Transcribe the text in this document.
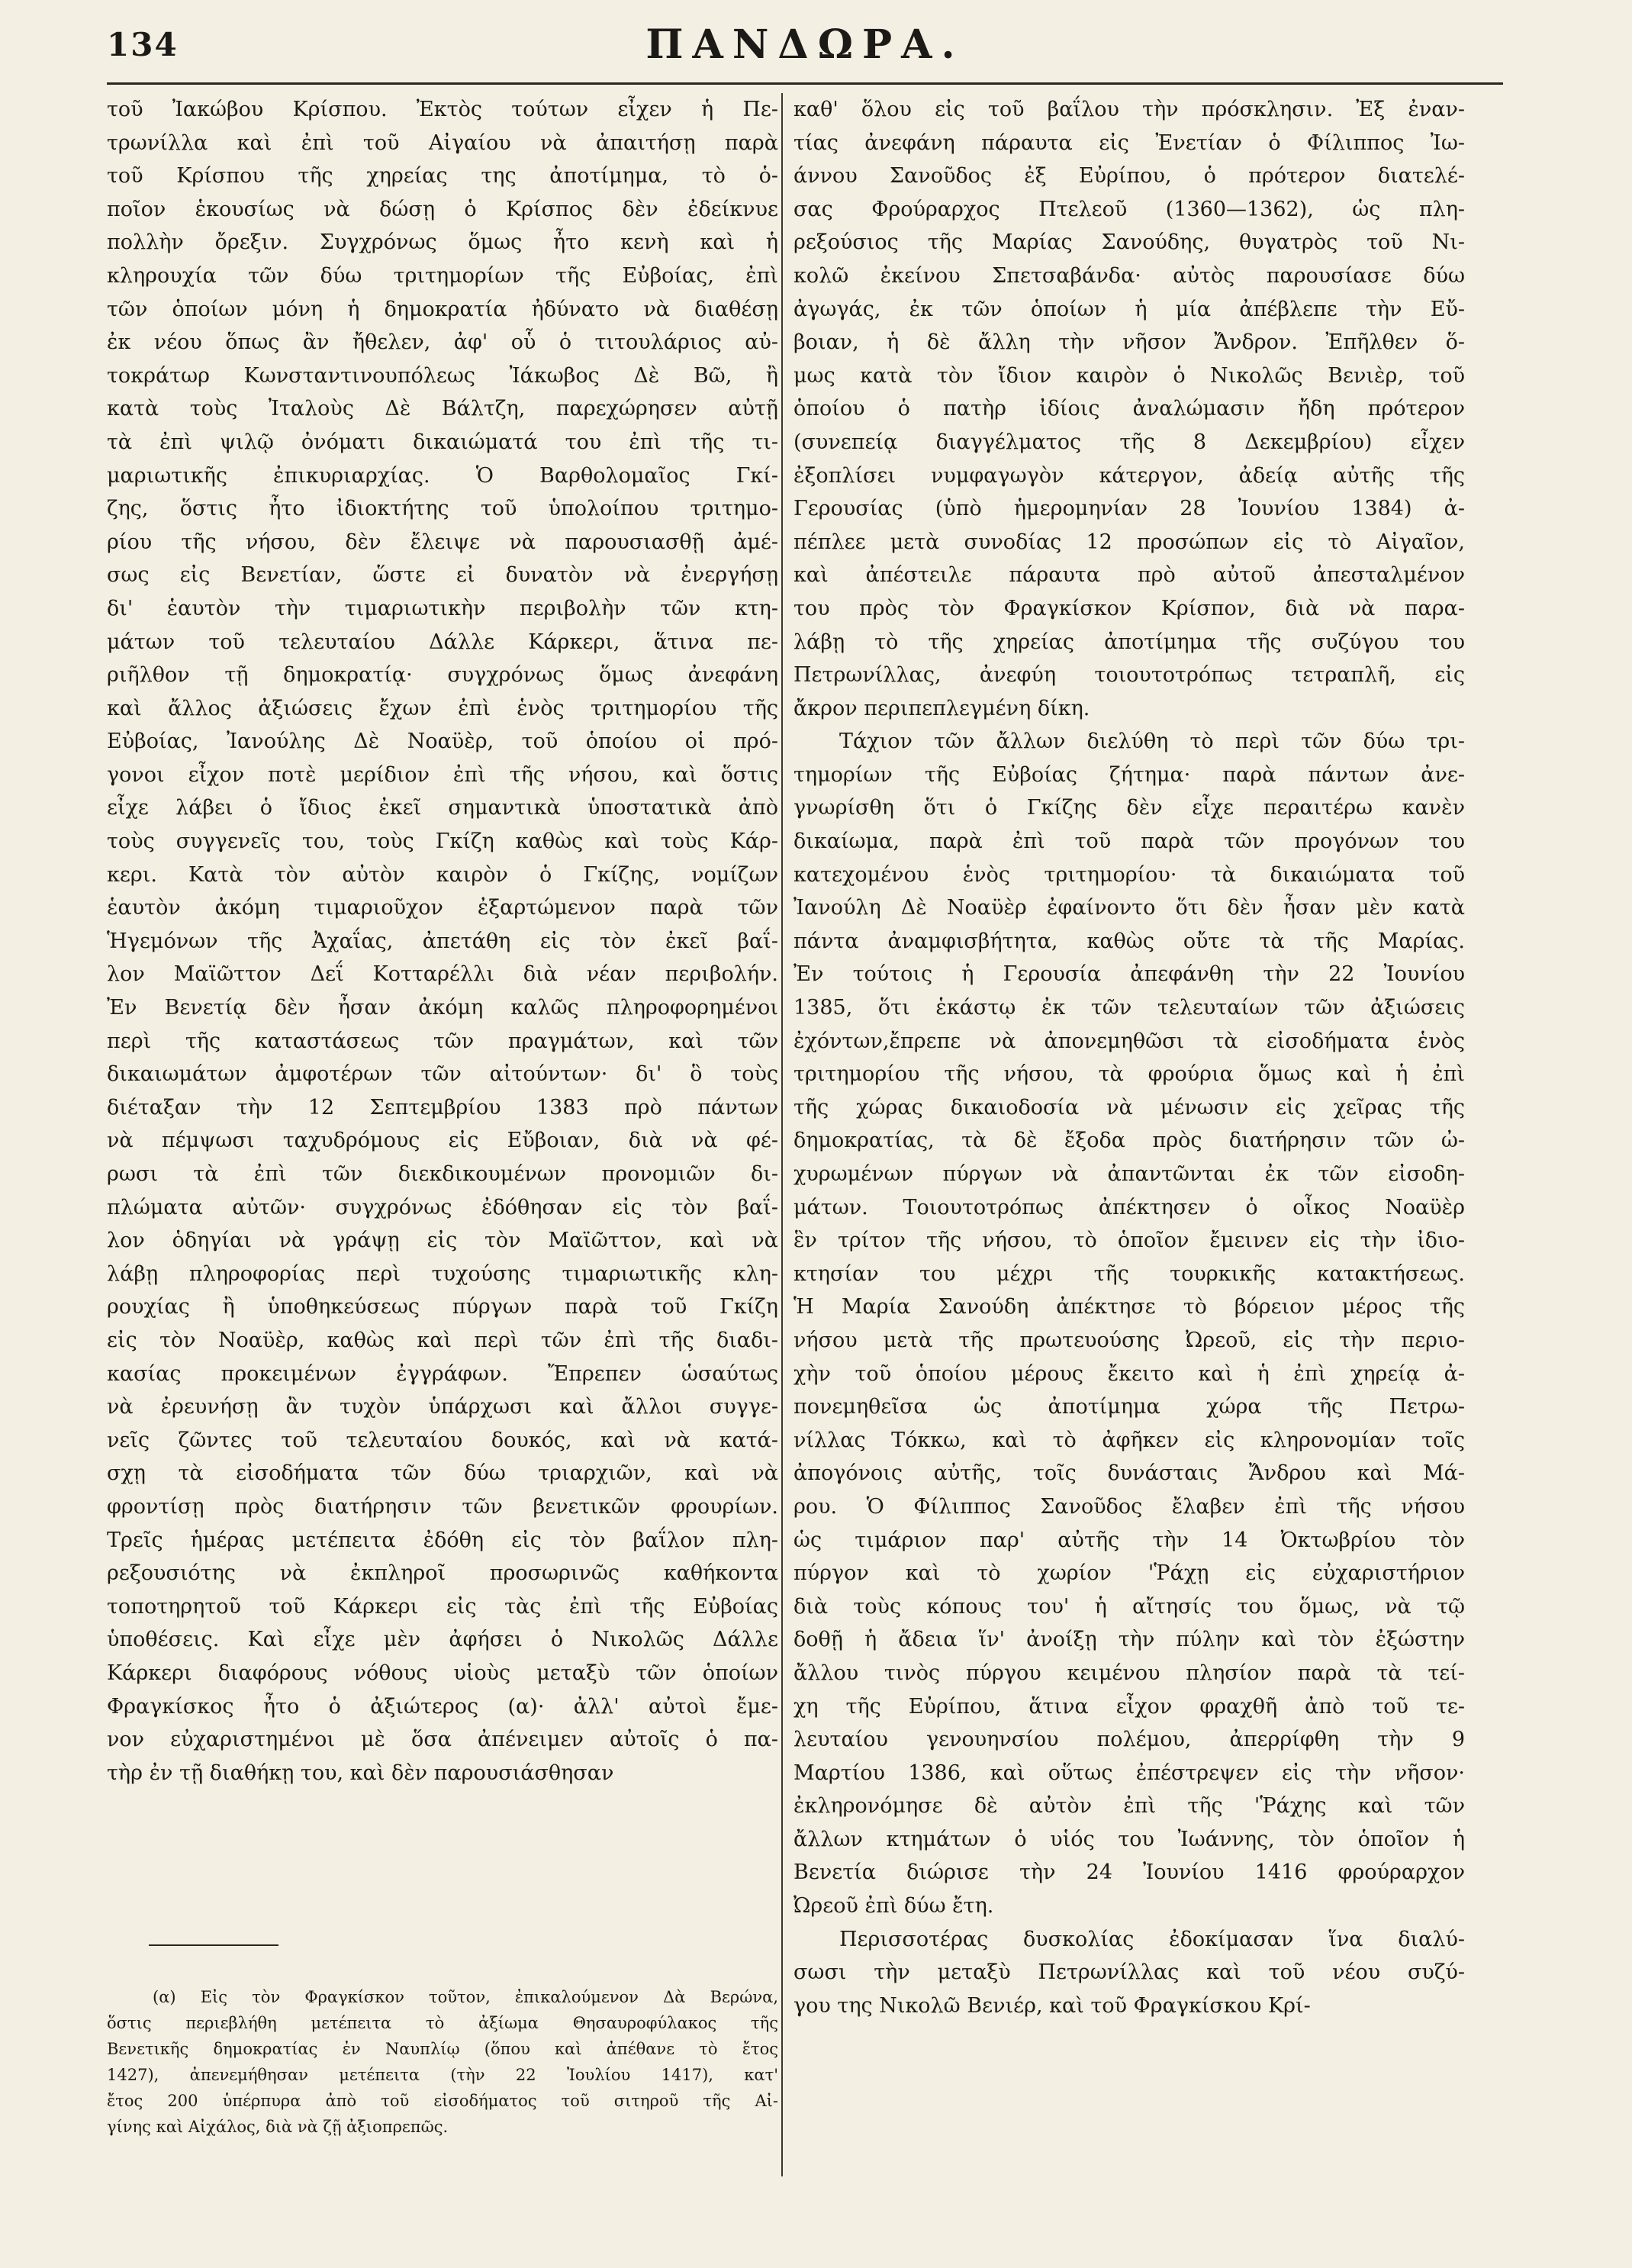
134	ΠΑΝΔΩΡΑ.
τοῦ Ἰακώβου Κρίσπου. Ἐκτὸς τούτων εἶχεν ἡ Πε-
τρωνίλλα καὶ ἐπὶ τοῦ Αἰγαίου νὰ ἀπαιτήσῃ παρὰ
τοῦ Κρίσπου τῆς χηρείας της ἀποτίμημα, τὸ ὁ-
ποῖον ἑκουσίως νὰ δώσῃ ὁ Κρίσπος δὲν ἐδείκνυε
πολλὴν ὄρεξιν. Συγχρόνως ὅμως ἦτο κενὴ καὶ ἡ
κληρουχία τῶν δύω τριτημορίων τῆς Εὐβοίας, ἐπὶ
τῶν ὁποίων μόνη ἡ δημοκρατία ἠδύνατο νὰ διαθέσῃ
ἐκ νέου ὅπως ἂν ἤθελεν, ἀφ' οὗ ὁ τιτουλάριος αὐ-
τοκράτωρ Κωνσταντινουπόλεως Ἰάκωβος Δὲ Βῶ, ἢ
κατὰ τοὺς Ἰταλοὺς Δὲ Βάλτζη, παρεχώρησεν αὐτῇ
τὰ ἐπὶ ψιλῷ ὀνόματι δικαιώματά του ἐπὶ τῆς τι-
μαριωτικῆς ἐπικυριαρχίας. Ὁ Βαρθολομαῖος Γκί-
ζης, ὅστις ἦτο ἰδιοκτήτης τοῦ ὑπολοίπου τριτημο-
ρίου τῆς νήσου, δὲν ἔλειψε νὰ παρουσιασθῇ ἀμέ-
σως εἰς Βενετίαν, ὥστε εἰ δυνατὸν νὰ ἐνεργήσῃ
δι' ἑαυτὸν τὴν τιμαριωτικὴν περιβολὴν τῶν κτη-
μάτων τοῦ τελευταίου Δάλλε Κάρκερι, ἅτινα πε-
ριῆλθον τῇ δημοκρατίᾳ· συγχρόνως ὅμως ἀνεφάνη
καὶ ἄλλος ἀξιώσεις ἔχων ἐπὶ ἑνὸς τριτημορίου τῆς
Εὐβοίας, Ἰανούλης Δὲ Νοαϋὲρ, τοῦ ὁποίου οἱ πρό-
γονοι εἶχον ποτὲ μερίδιον ἐπὶ τῆς νήσου, καὶ ὅστις
εἶχε λάβει ὁ ἴδιος ἐκεῖ σημαντικὰ ὑποστατικὰ ἀπὸ
τοὺς συγγενεῖς του, τοὺς Γκίζη καθὼς καὶ τοὺς Κάρ-
κερι. Κατὰ τὸν αὐτὸν καιρὸν ὁ Γκίζης, νομίζων
ἑαυτὸν ἀκόμη τιμαριοῦχον ἐξαρτώμενον παρὰ τῶν
Ἡγεμόνων τῆς Ἀχαΐας, ἀπετάθη εἰς τὸν ἐκεῖ βαΐ-
λον Μαϊῶττον Δεΐ Κοτταρέλλι διὰ νέαν περιβολήν.
Ἐν Βενετίᾳ δὲν ἦσαν ἀκόμη καλῶς πληροφορημένοι
περὶ τῆς καταστάσεως τῶν πραγμάτων, καὶ τῶν
δικαιωμάτων ἀμφοτέρων τῶν αἰτούντων· δι' ὃ τοὺς
διέταξαν τὴν 12 Σεπτεμβρίου 1383 πρὸ πάντων
νὰ πέμψωσι ταχυδρόμους εἰς Εὔβοιαν, διὰ νὰ φέ-
ρωσι τὰ ἐπὶ τῶν διεκδικουμένων προνομιῶν δι-
πλώματα αὐτῶν· συγχρόνως ἐδόθησαν εἰς τὸν βαΐ-
λον ὁδηγίαι νὰ γράψῃ εἰς τὸν Μαϊῶττον, καὶ νὰ
λάβῃ πληροφορίας περὶ τυχούσης τιμαριωτικῆς κλη-
ρουχίας ἢ ὑποθηκεύσεως πύργων παρὰ τοῦ Γκίζη
εἰς τὸν Νοαϋὲρ, καθὼς καὶ περὶ τῶν ἐπὶ τῆς διαδι-
κασίας προκειμένων ἐγγράφων. Ἔπρεπεν ὡσαύτως
νὰ ἐρευνήσῃ ἂν τυχὸν ὑπάρχωσι καὶ ἄλλοι συγγε-
νεῖς ζῶντες τοῦ τελευταίου δουκός, καὶ νὰ κατά-
σχῃ τὰ εἰσοδήματα τῶν δύω τριαρχιῶν, καὶ νὰ
φροντίσῃ πρὸς διατήρησιν τῶν βενετικῶν φρουρίων.
Τρεῖς ἡμέρας μετέπειτα ἐδόθη εἰς τὸν βαΐλον πλη-
ρεξουσιότης νὰ ἐκπληροῖ προσωρινῶς καθήκοντα
τοποτηρητοῦ τοῦ Κάρκερι εἰς τὰς ἐπὶ τῆς Εὐβοίας
ὑποθέσεις. Καὶ εἶχε μὲν ἀφήσει ὁ Νικολῶς Δάλλε
Κάρκερι διαφόρους νόθους υἱοὺς μεταξὺ τῶν ὁποίων
Φραγκίσκος ἦτο ὁ ἀξιώτερος (α)· ἀλλ' αὐτοὶ ἔμε-
νον εὐχαριστημένοι μὲ ὅσα ἀπένειμεν αὐτοῖς ὁ πα-
τὴρ ἐν τῇ διαθήκῃ του, καὶ δὲν παρουσιάσθησαν
καθ' ὅλου εἰς τοῦ βαΐλου τὴν πρόσκλησιν. Ἐξ ἐναν-
τίας ἀνεφάνη πάραυτα εἰς Ἐνετίαν ὁ Φίλιππος Ἰω-
άννου Σανοῦδος ἐξ Εὐρίπου, ὁ πρότερον διατελέ-
σας Φρούραρχος Πτελεοῦ (1360—1362), ὡς πλη-
ρεξούσιος τῆς Μαρίας Σανούδης, θυγατρὸς τοῦ Νι-
κολῶ ἐκείνου Σπετσαβάνδα· αὐτὸς παρουσίασε δύω
ἀγωγάς, ἐκ τῶν ὁποίων ἡ μία ἀπέβλεπε τὴν Εὔ-
βοιαν, ἡ δὲ ἄλλη τὴν νῆσον Ἄνδρον. Ἐπῆλθεν ὅ-
μως κατὰ τὸν ἴδιον καιρὸν ὁ Νικολῶς Βενιὲρ, τοῦ
ὁποίου ὁ πατὴρ ἰδίοις ἀναλώμασιν ἤδη πρότερον
(συνεπείᾳ διαγγέλματος τῆς 8 Δεκεμβρίου) εἶχεν
ἐξοπλίσει νυμφαγωγὸν κάτεργον, ἀδείᾳ αὐτῆς τῆς
Γερουσίας (ὑπὸ ἡμερομηνίαν 28 Ἰουνίου 1384) ἀ-
πέπλεε μετὰ συνοδίας 12 προσώπων εἰς τὸ Αἰγαῖον,
καὶ ἀπέστειλε πάραυτα πρὸ αὐτοῦ ἀπεσταλμένον
του πρὸς τὸν Φραγκίσκον Κρίσπον, διὰ νὰ παρα-
λάβῃ τὸ τῆς χηρείας ἀποτίμημα τῆς συζύγου του
Πετρωνίλλας, ἀνεφύη τοιουτοτρόπως τετραπλῆ, εἰς
ἄκρον περιπεπλεγμένη δίκη.
Τάχιον τῶν ἄλλων διελύθη τὸ περὶ τῶν δύω τρι-
τημορίων τῆς Εὐβοίας ζήτημα· παρὰ πάντων ἀνε-
γνωρίσθη ὅτι ὁ Γκίζης δὲν εἶχε περαιτέρω κανὲν
δικαίωμα, παρὰ ἐπὶ τοῦ παρὰ τῶν προγόνων του
κατεχομένου ἑνὸς τριτημορίου· τὰ δικαιώματα τοῦ
Ἰανούλη Δὲ Νοαϋὲρ ἐφαίνοντο ὅτι δὲν ἦσαν μὲν κατὰ
πάντα ἀναμφισβήτητα, καθὼς οὔτε τὰ τῆς Μαρίας.
Ἐν τούτοις ἡ Γερουσία ἀπεφάνθη τὴν 22 Ἰουνίου
1385, ὅτι ἑκάστῳ ἐκ τῶν τελευταίων τῶν ἀξιώσεις
ἐχόντων,ἔπρεπε νὰ ἀπονεμηθῶσι τὰ εἰσοδήματα ἑνὸς
τριτημορίου τῆς νήσου, τὰ φρούρια ὅμως καὶ ἡ ἐπὶ
τῆς χώρας δικαιοδοσία νὰ μένωσιν εἰς χεῖρας τῆς
δημοκρατίας, τὰ δὲ ἔξοδα πρὸς διατήρησιν τῶν ὠ-
χυρωμένων πύργων νὰ ἀπαντῶνται ἐκ τῶν εἰσοδη-
μάτων. Τοιουτοτρόπως ἀπέκτησεν ὁ οἶκος Νοαϋὲρ
ἓν τρίτον τῆς νήσου, τὸ ὁποῖον ἔμεινεν εἰς τὴν ἰδιο-
κτησίαν του μέχρι τῆς τουρκικῆς κατακτήσεως.
Ἡ Μαρία Σανούδη ἀπέκτησε τὸ βόρειον μέρος τῆς
νήσου μετὰ τῆς πρωτευούσης Ὠρεοῦ, εἰς τὴν περιο-
χὴν τοῦ ὁποίου μέρους ἔκειτο καὶ ἡ ἐπὶ χηρείᾳ ἀ-
πονεμηθεῖσα ὡς ἀποτίμημα χώρα τῆς Πετρω-
νίλλας Τόκκω, καὶ τὸ ἀφῆκεν εἰς κληρονομίαν τοῖς
ἀπογόνοις αὐτῆς, τοῖς δυνάσταις Ἄνδρου καὶ Μά-
ρου. Ὁ Φίλιππος Σανοῦδος ἔλαβεν ἐπὶ τῆς νήσου
ὡς τιμάριον παρ' αὐτῆς τὴν 14 Ὀκτωβρίου τὸν
πύργον καὶ τὸ χωρίον 'Ῥάχῃ εἰς εὐχαριστήριον
διὰ τοὺς κόπους του' ἡ αἴτησίς του ὅμως, νὰ τῷ
δοθῇ ἡ ἄδεια ἵν' ἀνοίξῃ τὴν πύλην καὶ τὸν ἐξώστην
ἄλλου τινὸς πύργου κειμένου πλησίον παρὰ τὰ τεί-
χη τῆς Εὐρίπου, ἅτινα εἶχον φραχθῆ ἀπὸ τοῦ τε-
λευταίου γενουηνσίου πολέμου, ἀπερρίφθη τὴν 9
Μαρτίου 1386, καὶ οὕτως ἐπέστρεψεν εἰς τὴν νῆσον·
ἐκληρονόμησε δὲ αὐτὸν ἐπὶ τῆς 'Ῥάχης καὶ τῶν
ἄλλων κτημάτων ὁ υἱός του Ἰωάννης, τὸν ὁποῖον ἡ
Βενετία διώρισε τὴν 24 Ἰουνίου 1416 φρούραρχον
Ὠρεοῦ ἐπὶ δύω ἔτη.
Περισσοτέρας δυσκολίας ἐδοκίμασαν ἵνα διαλύ-
σωσι τὴν μεταξὺ Πετρωνίλλας καὶ τοῦ νέου συζύ-
γου της Νικολῶ Βενιέρ, καὶ τοῦ Φραγκίσκου Κρί-
(α) Εἰς τὸν Φραγκίσκον τοῦτον, ἐπικαλούμενον Δὰ Βερώνα,
ὅστις περιεβλήθη μετέπειτα τὸ ἀξίωμα Θησαυροφύλακος τῆς
Βενετικῆς δημοκρατίας ἐν Ναυπλίῳ (ὅπου καὶ ἀπέθανε τὸ ἔτος
1427), ἀπενεμήθησαν μετέπειτα (τὴν 22 Ἰουλίου 1417), κατ'
ἔτος 200 ὑπέρπυρα ἀπὸ τοῦ εἰσοδήματος τοῦ σιτηροῦ τῆς Αἰ-
γίνης καὶ Αἰχάλος, διὰ νὰ ζῇ ἀξιοπρεπῶς.
